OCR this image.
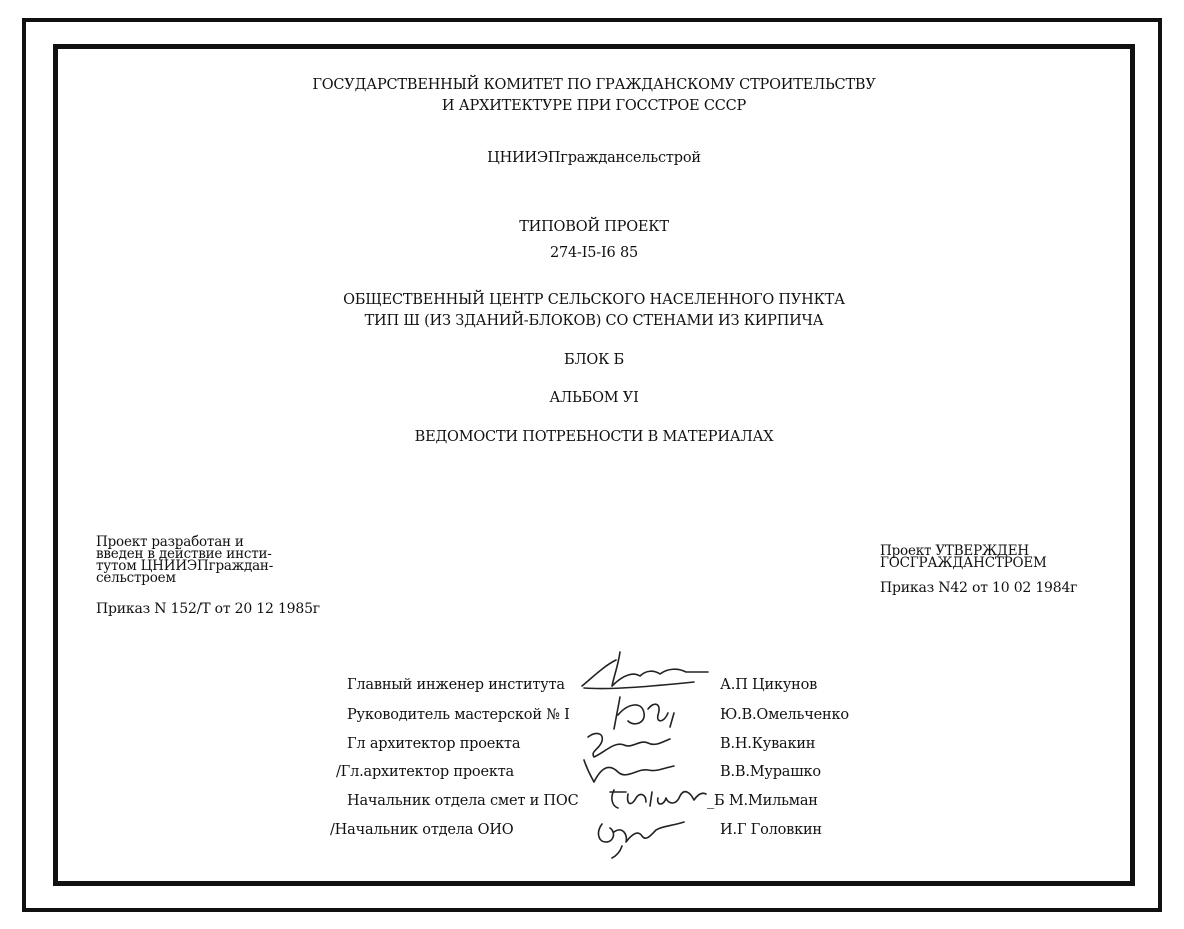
ГОСУДАРСТВЕННЫЙ КОМИТЕТ ПО ГРАЖДАНСКОМУ СТРОИТЕЛЬСТВУ
И АРХИТЕКТУРЕ ПРИ ГОССТРОЕ СССР
ЦНИИЭПграждансельстрой
ТИПОВОЙ ПРОЕКТ
274-I5-I6 85
ОБЩЕСТВЕННЫЙ ЦЕНТР СЕЛЬСКОГО НАСЕЛЕННОГО ПУНКТА
ТИП Ш (ИЗ ЗДАНИЙ-БЛОКОВ) СО СТЕНАМИ ИЗ КИРПИЧА
БЛОК Б
АЛЬБОМ УI
ВЕДОМОСТИ ПОТРЕБНОСТИ В МАТЕРИАЛАХ
Проект разработан и
введен в действие инсти-
тутом ЦНИИЭПграждан-
сельстроем
Приказ N 152/Т от 20 12 1985г
Проект УТВЕРЖДЕН
ГОСГРАЖДАНСТРОЕМ
Приказ N42 от 10 02 1984г
Главный инженер института	А.П Цикунов
Руководитель мастерской № I	Ю.В.Омельченко
Гл архитектор проекта	В.Н.Кувакин
/Гл.архитектор проекта	В.В.Мурашко
Начальник отдела смет и ПОС	_Б М.Мильман
/Начальник отдела ОИО	И.Г Головкин
